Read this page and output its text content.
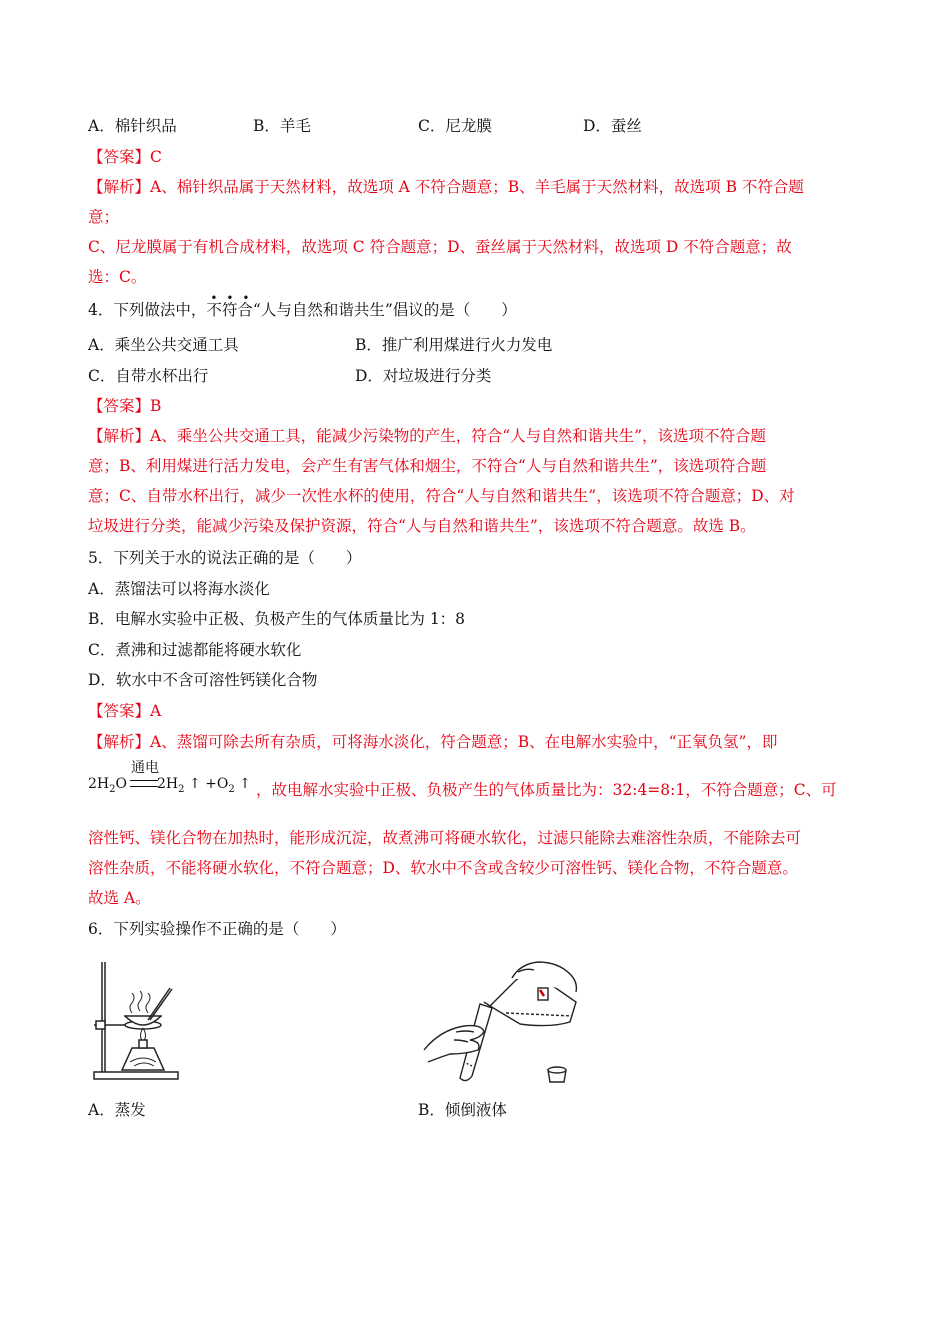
A．棉针织品	B．羊毛	C．尼龙膜	D．蚕丝
【答案】C
【解析】A、棉针织品属于天然材料，故选项 A 不符合题意；B、羊毛属于天然材料，故选项 B 不符合题
意；
C、尼龙膜属于有机合成材料，故选项 C 符合题意；D、蚕丝属于天然材料，故选项 D 不符合题意；故
选：C。
4．下列做法中，
• • •
不符合“人与自然和谐共生”倡议的是（　　）
A．乘坐公共交通工具	B．推广利用煤进行火力发电
C．自带水杯出行	D．对垃圾进行分类
【答案】B
【解析】A、乘坐公共交通工具，能减少污染物的产生，符合“人与自然和谐共生”，该选项不符合题
意；B、利用煤进行活力发电，会产生有害气体和烟尘，不符合“人与自然和谐共生”，该选项符合题
意；C、自带水杯出行，减少一次性水杯的使用，符合“人与自然和谐共生”，该选项不符合题意；D、对
垃圾进行分类，能减少污染及保护资源，符合“人与自然和谐共生”，该选项不符合题意。故选 B。
5．下列关于水的说法正确的是（　　）
A．蒸馏法可以将海水淡化
B．电解水实验中正极、负极产生的气体质量比为 1：8
C．煮沸和过滤都能将硬水软化
D．软水中不含可溶性钙镁化合物
【答案】A
【解析】A、蒸馏可除去所有杂质，可将海水淡化，符合题意；B、在电解水实验中，“正氧负氢”，即
$2H_2O$ $2H_2$ ↑ $+O_2$ ↑
通电
，故电解水实验中正极、负极产生的气体质量比为：32:4=8:1，不符合题意；C、可
溶性钙、镁化合物在加热时，能形成沉淀，故煮沸可将硬水软化，过滤只能除去难溶性杂质，不能除去可
溶性杂质，不能将硬水软化，不符合题意；D、软水中不含或含较少可溶性钙、镁化合物，不符合题意。
故选 A。
6．下列实验操作不正确的是（　　）
A．蒸发	B．倾倒液体
